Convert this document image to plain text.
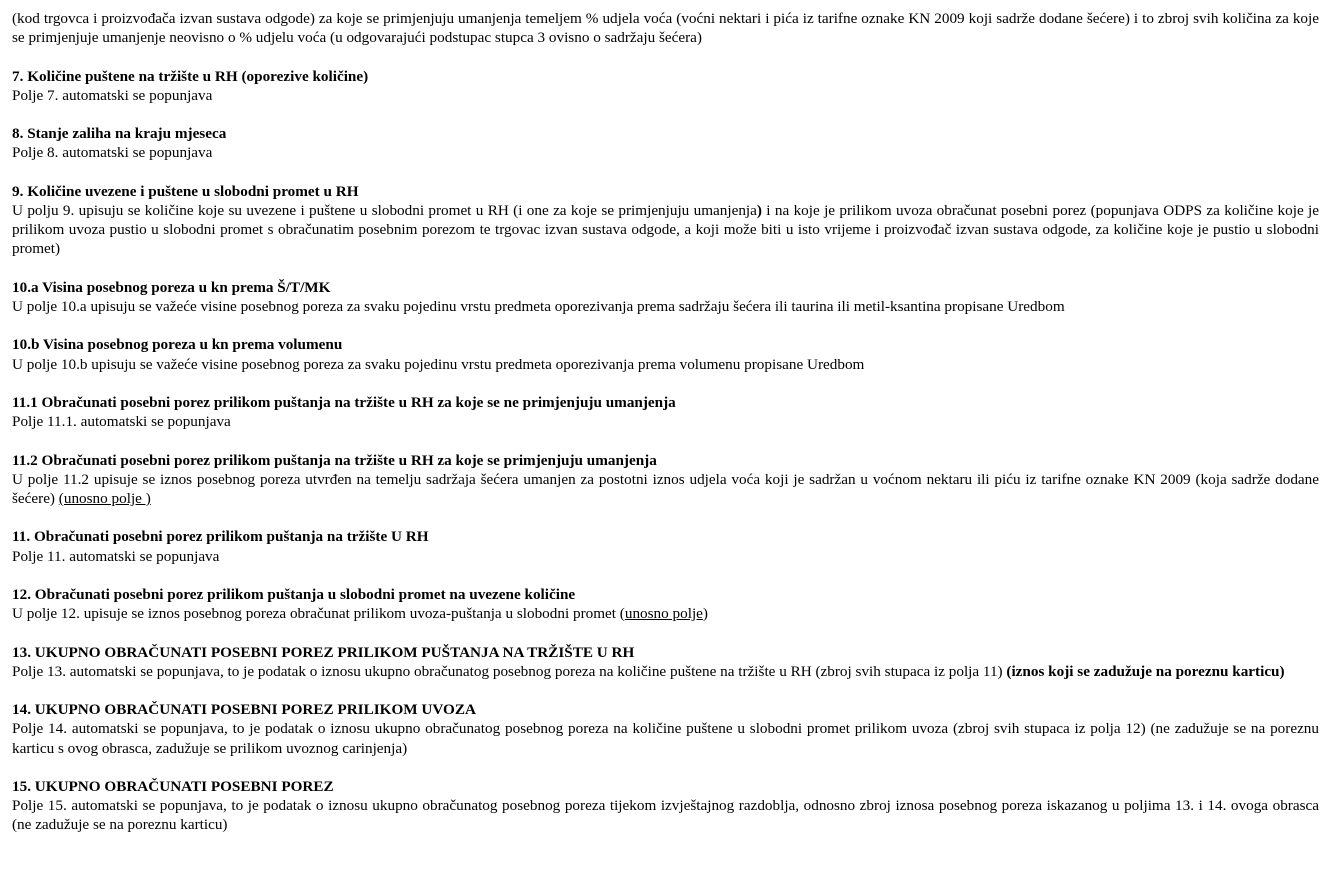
(kod trgovca i proizvođača izvan sustava odgode) za koje se primjenjuju umanjenja temeljem % udjela voća (voćni nektari i pića iz tarifne oznake KN 2009 koji sadrže dodane šećere) i to zbroj svih količina za koje se primjenjuje umanjenje neovisno o % udjelu voća (u odgovarajući podstupac stupca 3 ovisno o sadržaju šećera)
7. Količine puštene na tržište u RH (oporezive količine)
Polje 7. automatski se popunjava
8. Stanje zaliha na kraju mjeseca
Polje 8. automatski se popunjava
9. Količine uvezene i puštene u slobodni promet u RH
U polju 9. upisuju se količine koje su uvezene i puštene u slobodni promet u RH (i one za koje se primjenjuju umanjenja) i na koje je prilikom uvoza obračunat posebni porez (popunjava ODPS za količine koje je prilikom uvoza pustio u slobodni promet s obračunatim posebnim porezom te trgovac izvan sustava odgode, a koji može biti u isto vrijeme i proizvođač izvan sustava odgode, za količine koje je pustio u slobodni promet)
10.a Visina posebnog poreza u kn prema Š/T/MK
U polje 10.a upisuju se važeće visine posebnog poreza za svaku pojedinu vrstu predmeta oporezivanja prema sadržaju šećera ili taurina ili metil-ksantina propisane Uredbom
10.b Visina posebnog poreza u kn prema volumenu
U polje 10.b upisuju se važeće visine posebnog poreza za svaku pojedinu vrstu predmeta oporezivanja prema volumenu propisane Uredbom
11.1 Obračunati posebni porez prilikom puštanja na tržište u RH za koje se ne primjenjuju umanjenja
Polje 11.1. automatski se popunjava
11.2 Obračunati posebni porez prilikom puštanja na tržište u RH za koje se primjenjuju umanjenja
U polje 11.2 upisuje se iznos posebnog poreza utvrđen na temelju sadržaja šećera umanjen za postotni iznos udjela voća koji je sadržan u voćnom nektaru ili piću iz tarifne oznake KN 2009 (koja sadrže dodane šećere) (unosno polje )
11. Obračunati posebni porez prilikom puštanja na tržište U RH
Polje 11. automatski se popunjava
12. Obračunati posebni porez prilikom puštanja u slobodni promet na uvezene količine
U polje 12. upisuje se iznos posebnog poreza obračunat prilikom uvoza-puštanja u slobodni promet (unosno polje)
13. UKUPNO OBRAČUNATI POSEBNI POREZ PRILIKOM PUŠTANJA NA TRŽIŠTE U RH
Polje 13. automatski se popunjava, to je podatak o iznosu ukupno obračunatog posebnog poreza na količine puštene na tržište u RH (zbroj svih stupaca iz polja 11) (iznos koji se zadužuje na poreznu karticu)
14. UKUPNO OBRAČUNATI POSEBNI POREZ PRILIKOM UVOZA
Polje 14. automatski se popunjava, to je podatak o iznosu ukupno obračunatog posebnog poreza na količine puštene u slobodni promet prilikom uvoza (zbroj svih stupaca iz polja 12) (ne zadužuje se na poreznu karticu s ovog obrasca, zadužuje se prilikom uvoznog carinjenja)
15. UKUPNO OBRAČUNATI POSEBNI POREZ
Polje 15. automatski se popunjava, to je podatak o iznosu ukupno obračunatog posebnog poreza tijekom izvještajnog razdoblja, odnosno zbroj iznosa posebnog poreza iskazanog u poljima 13. i 14. ovoga obrasca (ne zadužuje se na poreznu karticu)
